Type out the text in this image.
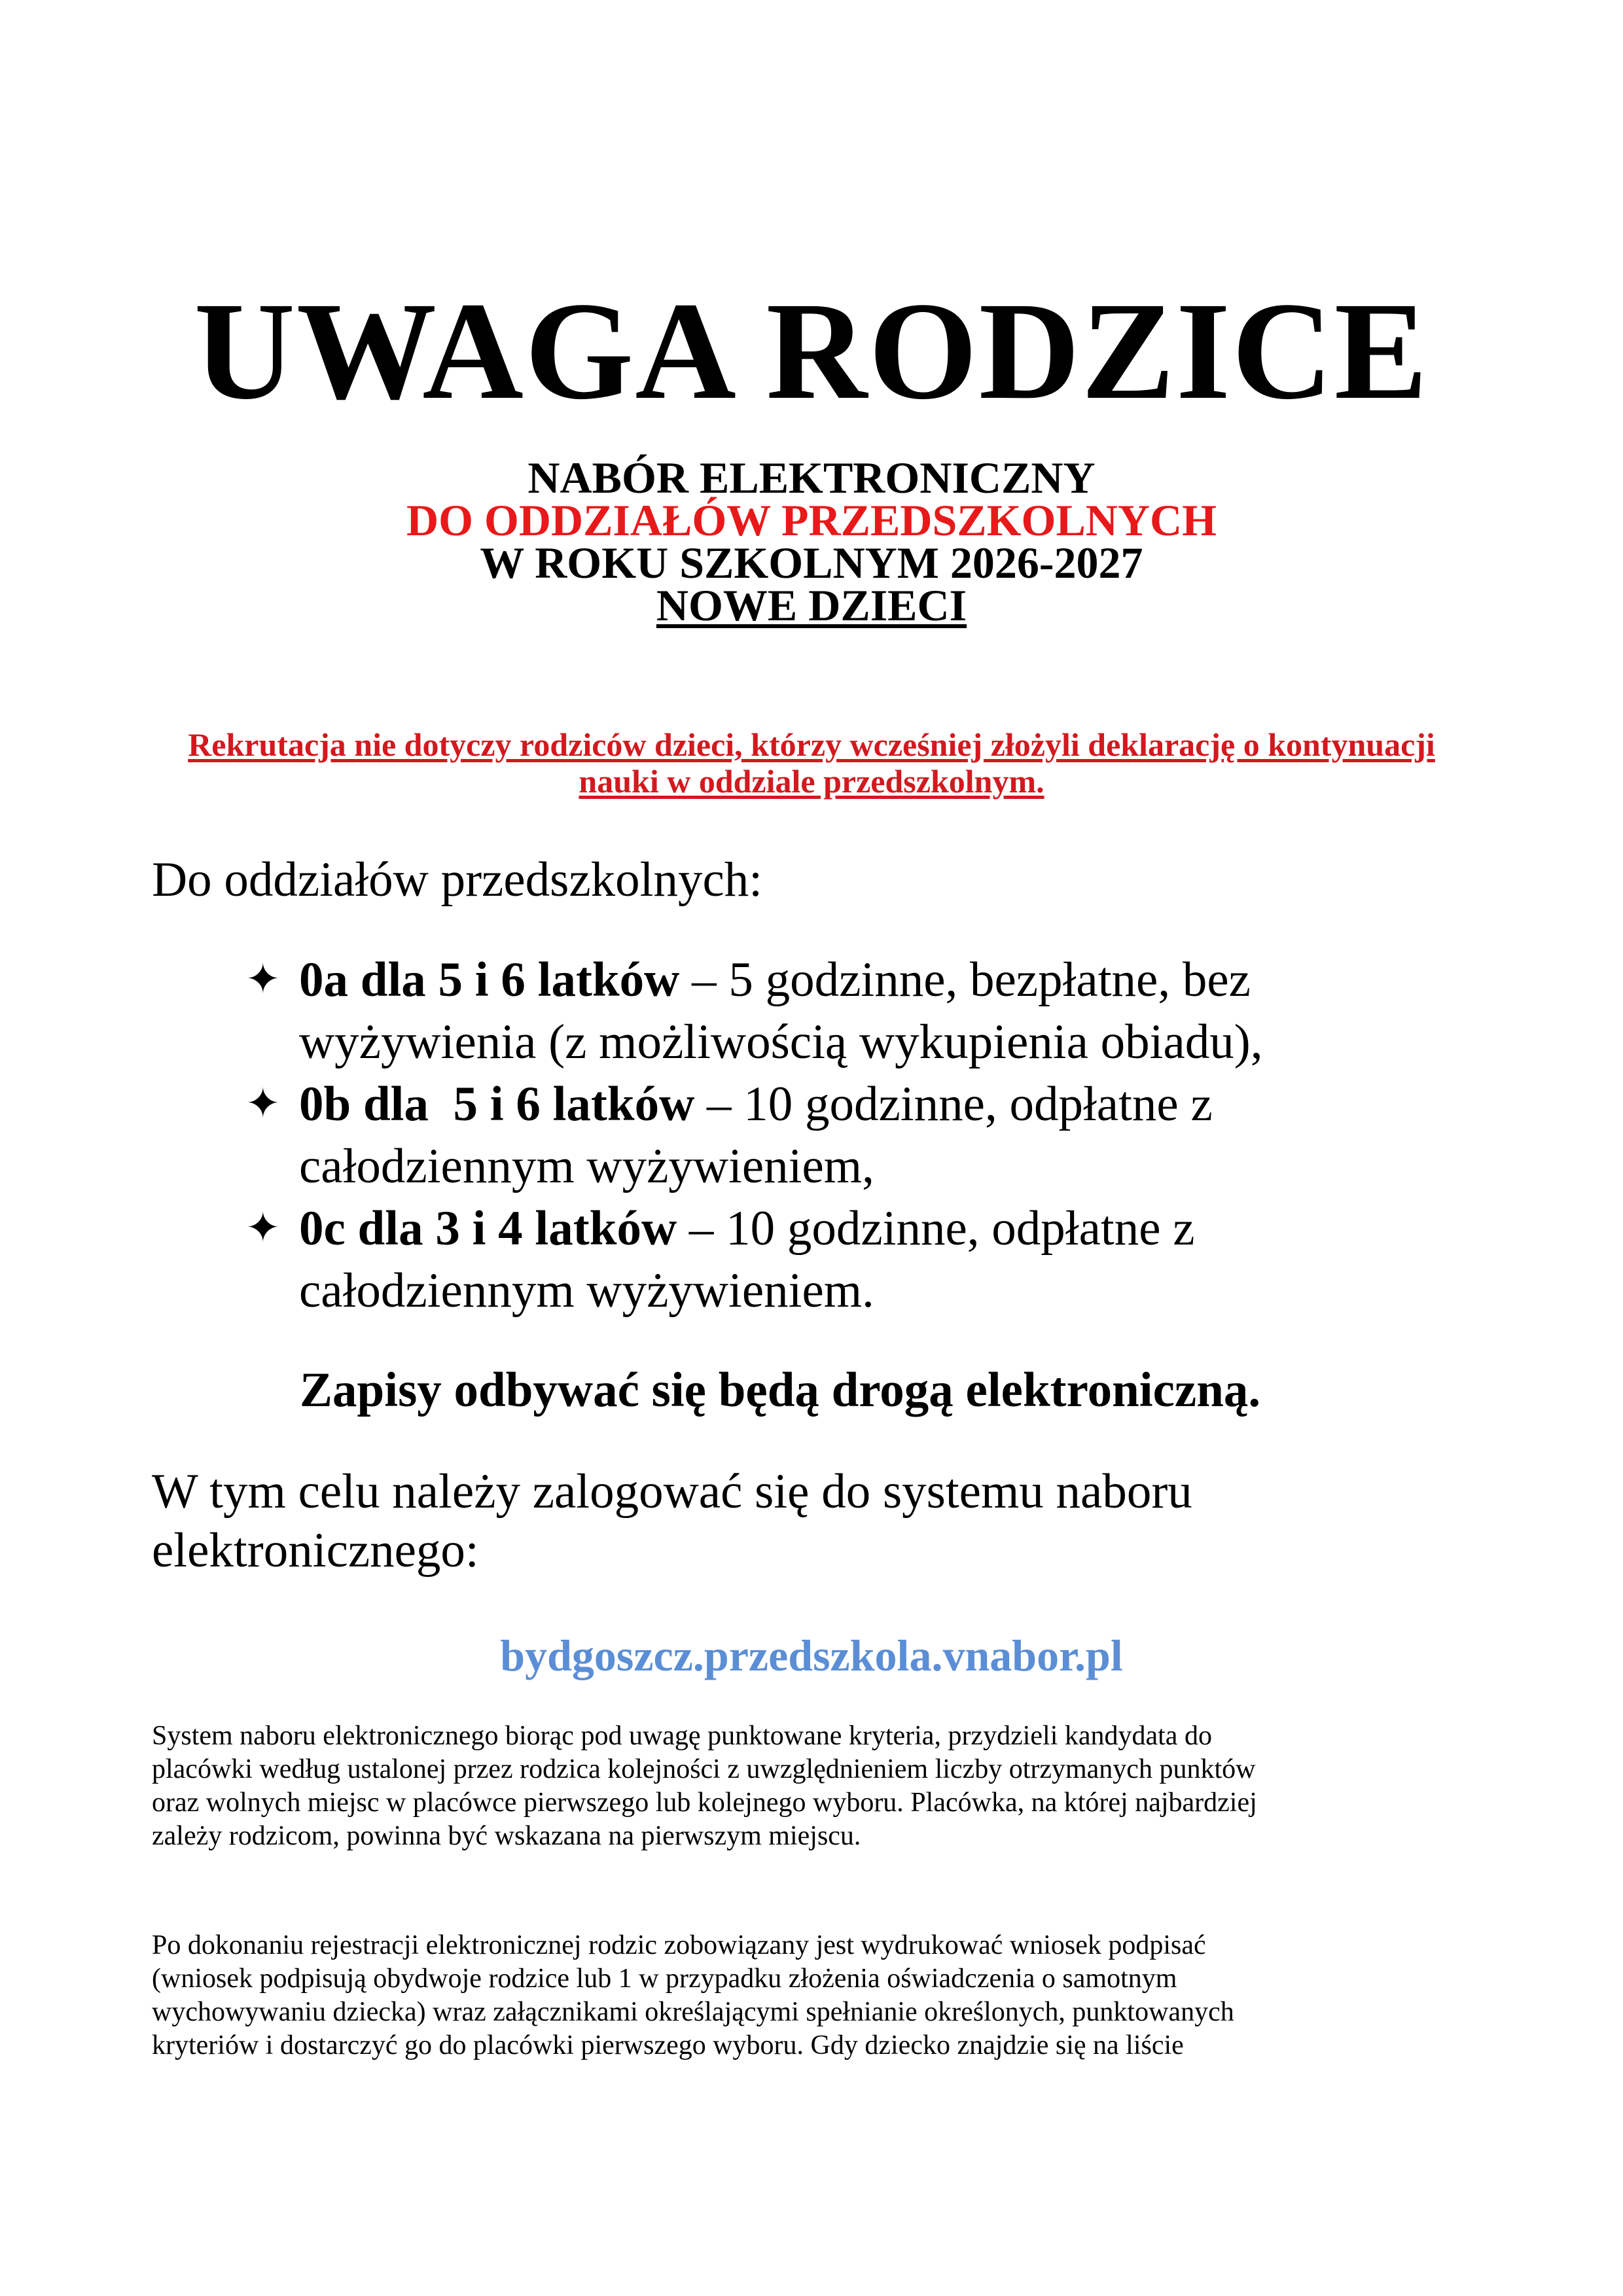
UWAGA RODZICE
NABÓR ELEKTRONICZNY
DO ODDZIAŁÓW PRZEDSZKOLNYCH
W ROKU SZKOLNYM 2026-2027
NOWE DZIECI
Rekrutacja nie dotyczy rodziców dzieci, którzy wcześniej złożyli deklarację o kontynuacji nauki w oddziale przedszkolnym.
Do oddziałów przedszkolnych:
✦ 0a dla 5 i 6 latków – 5 godzinne, bezpłatne, bez
wyżywienia (z możliwością wykupienia obiadu),
✦ 0b dla  5 i 6 latków – 10 godzinne, odpłatne z
całodziennym wyżywieniem,
✦ 0c dla 3 i 4 latków – 10 godzinne, odpłatne z
całodziennym wyżywieniem.
Zapisy odbywać się będą drogą elektroniczną.
W tym celu należy zalogować się do systemu naboru
elektronicznego:
bydgoszcz.przedszkola.vnabor.pl

System naboru elektronicznego biorąc pod uwagę punktowane kryteria, przydzieli kandydata do
placówki według ustalonej przez rodzica kolejności z uwzględnieniem liczby otrzymanych punktów
oraz wolnych miejsc w placówce pierwszego lub kolejnego wyboru. Placówka, na której najbardziej
zależy rodzicom, powinna być wskazana na pierwszym miejscu.

Po dokonaniu rejestracji elektronicznej rodzic zobowiązany jest wydrukować wniosek podpisać
(wniosek podpisują obydwoje rodzice lub 1 w przypadku złożenia oświadczenia o samotnym
wychowywaniu dziecka) wraz załącznikami określającymi spełnianie określonych, punktowanych
kryteriów i dostarczyć go do placówki pierwszego wyboru. Gdy dziecko znajdzie się na liście
